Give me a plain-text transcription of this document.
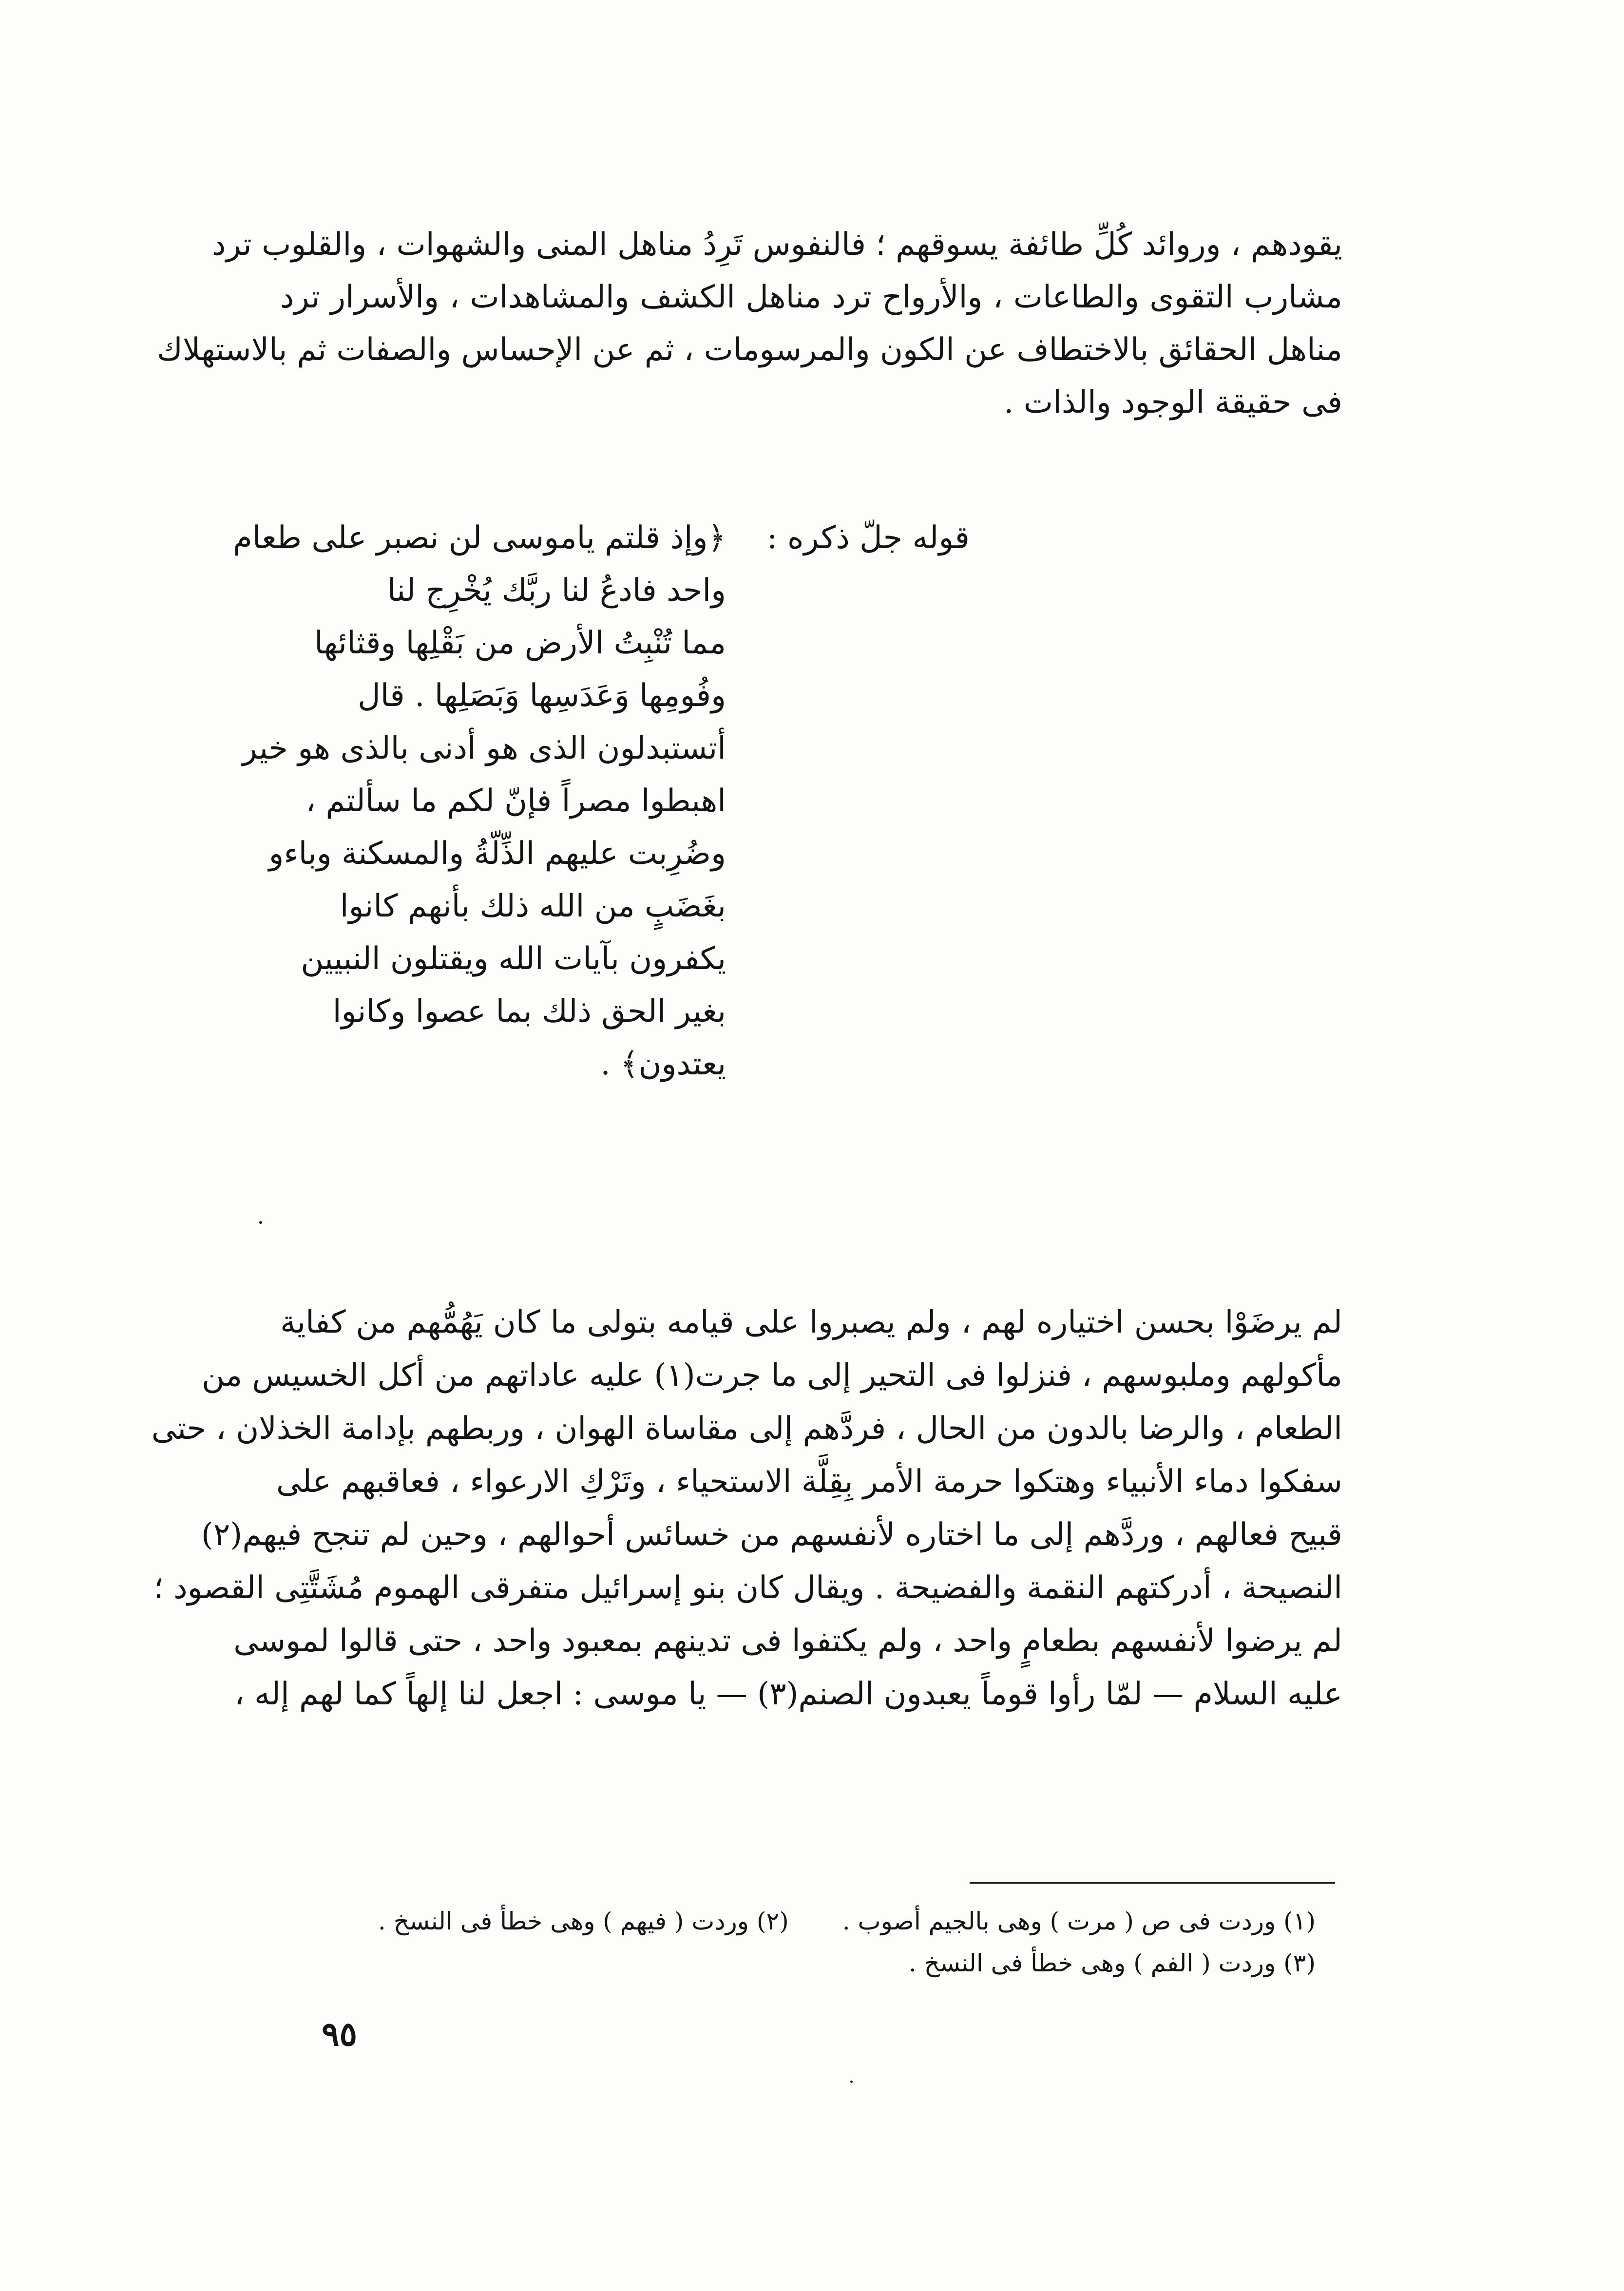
يقودهم ، وروائد كُلِّ طائفة يسوقهم ؛ فالنفوس تَرِدُ مناهل المنى والشهوات ، والقلوب ترد
مشارب التقوى والطاعات ، والأرواح ترد مناهل الكشف والمشاهدات ، والأسرار ترد
مناهل الحقائق بالاختطاف عن الكون والمرسومات ، ثم عن الإحساس والصفات ثم بالاستهلاك
فى حقيقة الوجود والذات .
قوله جلّ ذكره :
﴿وإذ قلتم ياموسى لن نصبر على طعام
واحد فادعُ لنا ربَّك يُخْرِج لنا
مما تُنْبِتُ الأرض من بَقْلِها وقثائها
وفُومِها وَعَدَسِها وَبَصَلِها . قال
أتستبدلون الذى هو أدنى بالذى هو خير
اهبطوا مصراً فإنّ لكم ما سألتم ،
وضُرِبت عليهم الذِّلّةُ والمسكنة وباءو
بغَضَبٍ من الله ذلك بأنهم كانوا
يكفرون بآيات الله ويقتلون النبيين
بغير الحق ذلك بما عصوا وكانوا
يعتدون﴾ .
لم يرضَوْا بحسن اختياره لهم ، ولم يصبروا على قيامه بتولى ما كان يَهُمُّهم من كفاية
مأكولهم وملبوسهم ، فنزلوا فى التحير إلى ما جرت(١) عليه عاداتهم من أكل الخسيس من
الطعام ، والرضا بالدون من الحال ، فردَّهم إلى مقاساة الهوان ، وربطهم بإدامة الخذلان ، حتى
سفكوا دماء الأنبياء وهتكوا حرمة الأمر بِقِلَّة الاستحياء ، وتَرْكِ الارعواء ، فعاقبهم على
قبيح فعالهم ، وردَّهم إلى ما اختاره لأنفسهم من خسائس أحوالهم ، وحين لم تنجح فيهم(٢)
النصيحة ، أدركتهم النقمة والفضيحة . ويقال كان بنو إسرائيل متفرقى الهموم مُشَتَّتِى القصود ؛
لم يرضوا لأنفسهم بطعامٍ واحد ، ولم يكتفوا فى تدينهم بمعبود واحد ، حتى قالوا لموسى
عليه السلام — لمّا رأوا قوماً يعبدون الصنم(٣) — يا موسى : اجعل لنا إلهاً كما لهم إله ،
(١) وردت فى ص ( مرت ) وهى بالجيم أصوب .(٢) وردت ( فيهم ) وهى خطأ فى النسخ .
(٣) وردت ( الفم ) وهى خطأ فى النسخ .
٩٥
